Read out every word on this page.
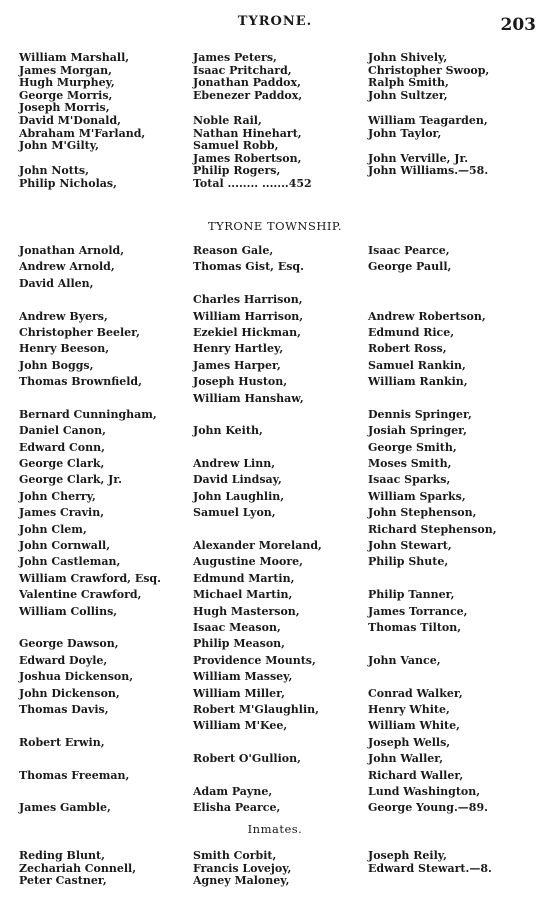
TYRONE.	203
William Marshall,
James Morgan,
Hugh Murphey,
George Morris,
Joseph Morris,
David M'Donald,
Abraham M'Farland,
John M'Gilty,
John Notts,
Philip Nicholas,
James Peters,
Isaac Pritchard,
Jonathan Paddox,
Ebenezer Paddox,
Noble Rail,
Nathan Hinehart,
Samuel Robb,
James Robertson,
Philip Rogers,
Total ........ .......452
John Shively,
Christopher Swoop,
Ralph Smith,
John Sultzer,
William Teagarden,
John Taylor,
John Verville, Jr.
John Williams.—58.
TYRONE TOWNSHIP.
Jonathan Arnold,
Andrew Arnold,
David Allen,
Andrew Byers,
Christopher Beeler,
Henry Beeson,
John Boggs,
Thomas Brownfield,
Bernard Cunningham,
Daniel Canon,
Edward Conn,
George Clark,
George Clark, Jr.
John Cherry,
James Cravin,
John Clem,
John Cornwall,
John Castleman,
William Crawford, Esq.
Valentine Crawford,
William Collins,
George Dawson,
Edward Doyle,
Joshua Dickenson,
John Dickenson,
Thomas Davis,
Robert Erwin,
Thomas Freeman,
James Gamble,
Reason Gale,
Thomas Gist, Esq.
Charles Harrison,
William Harrison,
Ezekiel Hickman,
Henry Hartley,
James Harper,
Joseph Huston,
William Hanshaw,
John Keith,
Andrew Linn,
David Lindsay,
John Laughlin,
Samuel Lyon,
Alexander Moreland,
Augustine Moore,
Edmund Martin,
Michael Martin,
Hugh Masterson,
Isaac Meason,
Philip Meason,
Providence Mounts,
William Massey,
William Miller,
Robert M'Glaughlin,
William M'Kee,
Robert O'Gullion,
Adam Payne,
Elisha Pearce,
Isaac Pearce,
George Paull,
Andrew Robertson,
Edmund Rice,
Robert Ross,
Samuel Rankin,
William Rankin,
Dennis Springer,
Josiah Springer,
George Smith,
Moses Smith,
Isaac Sparks,
William Sparks,
John Stephenson,
Richard Stephenson,
John Stewart,
Philip Shute,
Philip Tanner,
James Torrance,
Thomas Tilton,
John Vance,
Conrad Walker,
Henry White,
William White,
Joseph Wells,
John Waller,
Richard Waller,
Lund Washington,
George Young.—89.
Inmates.
Reding Blunt,
Zechariah Connell,
Peter Castner,
Smith Corbit,
Francis Lovejoy,
Agney Maloney,
Joseph Reily,
Edward Stewart.—8.
